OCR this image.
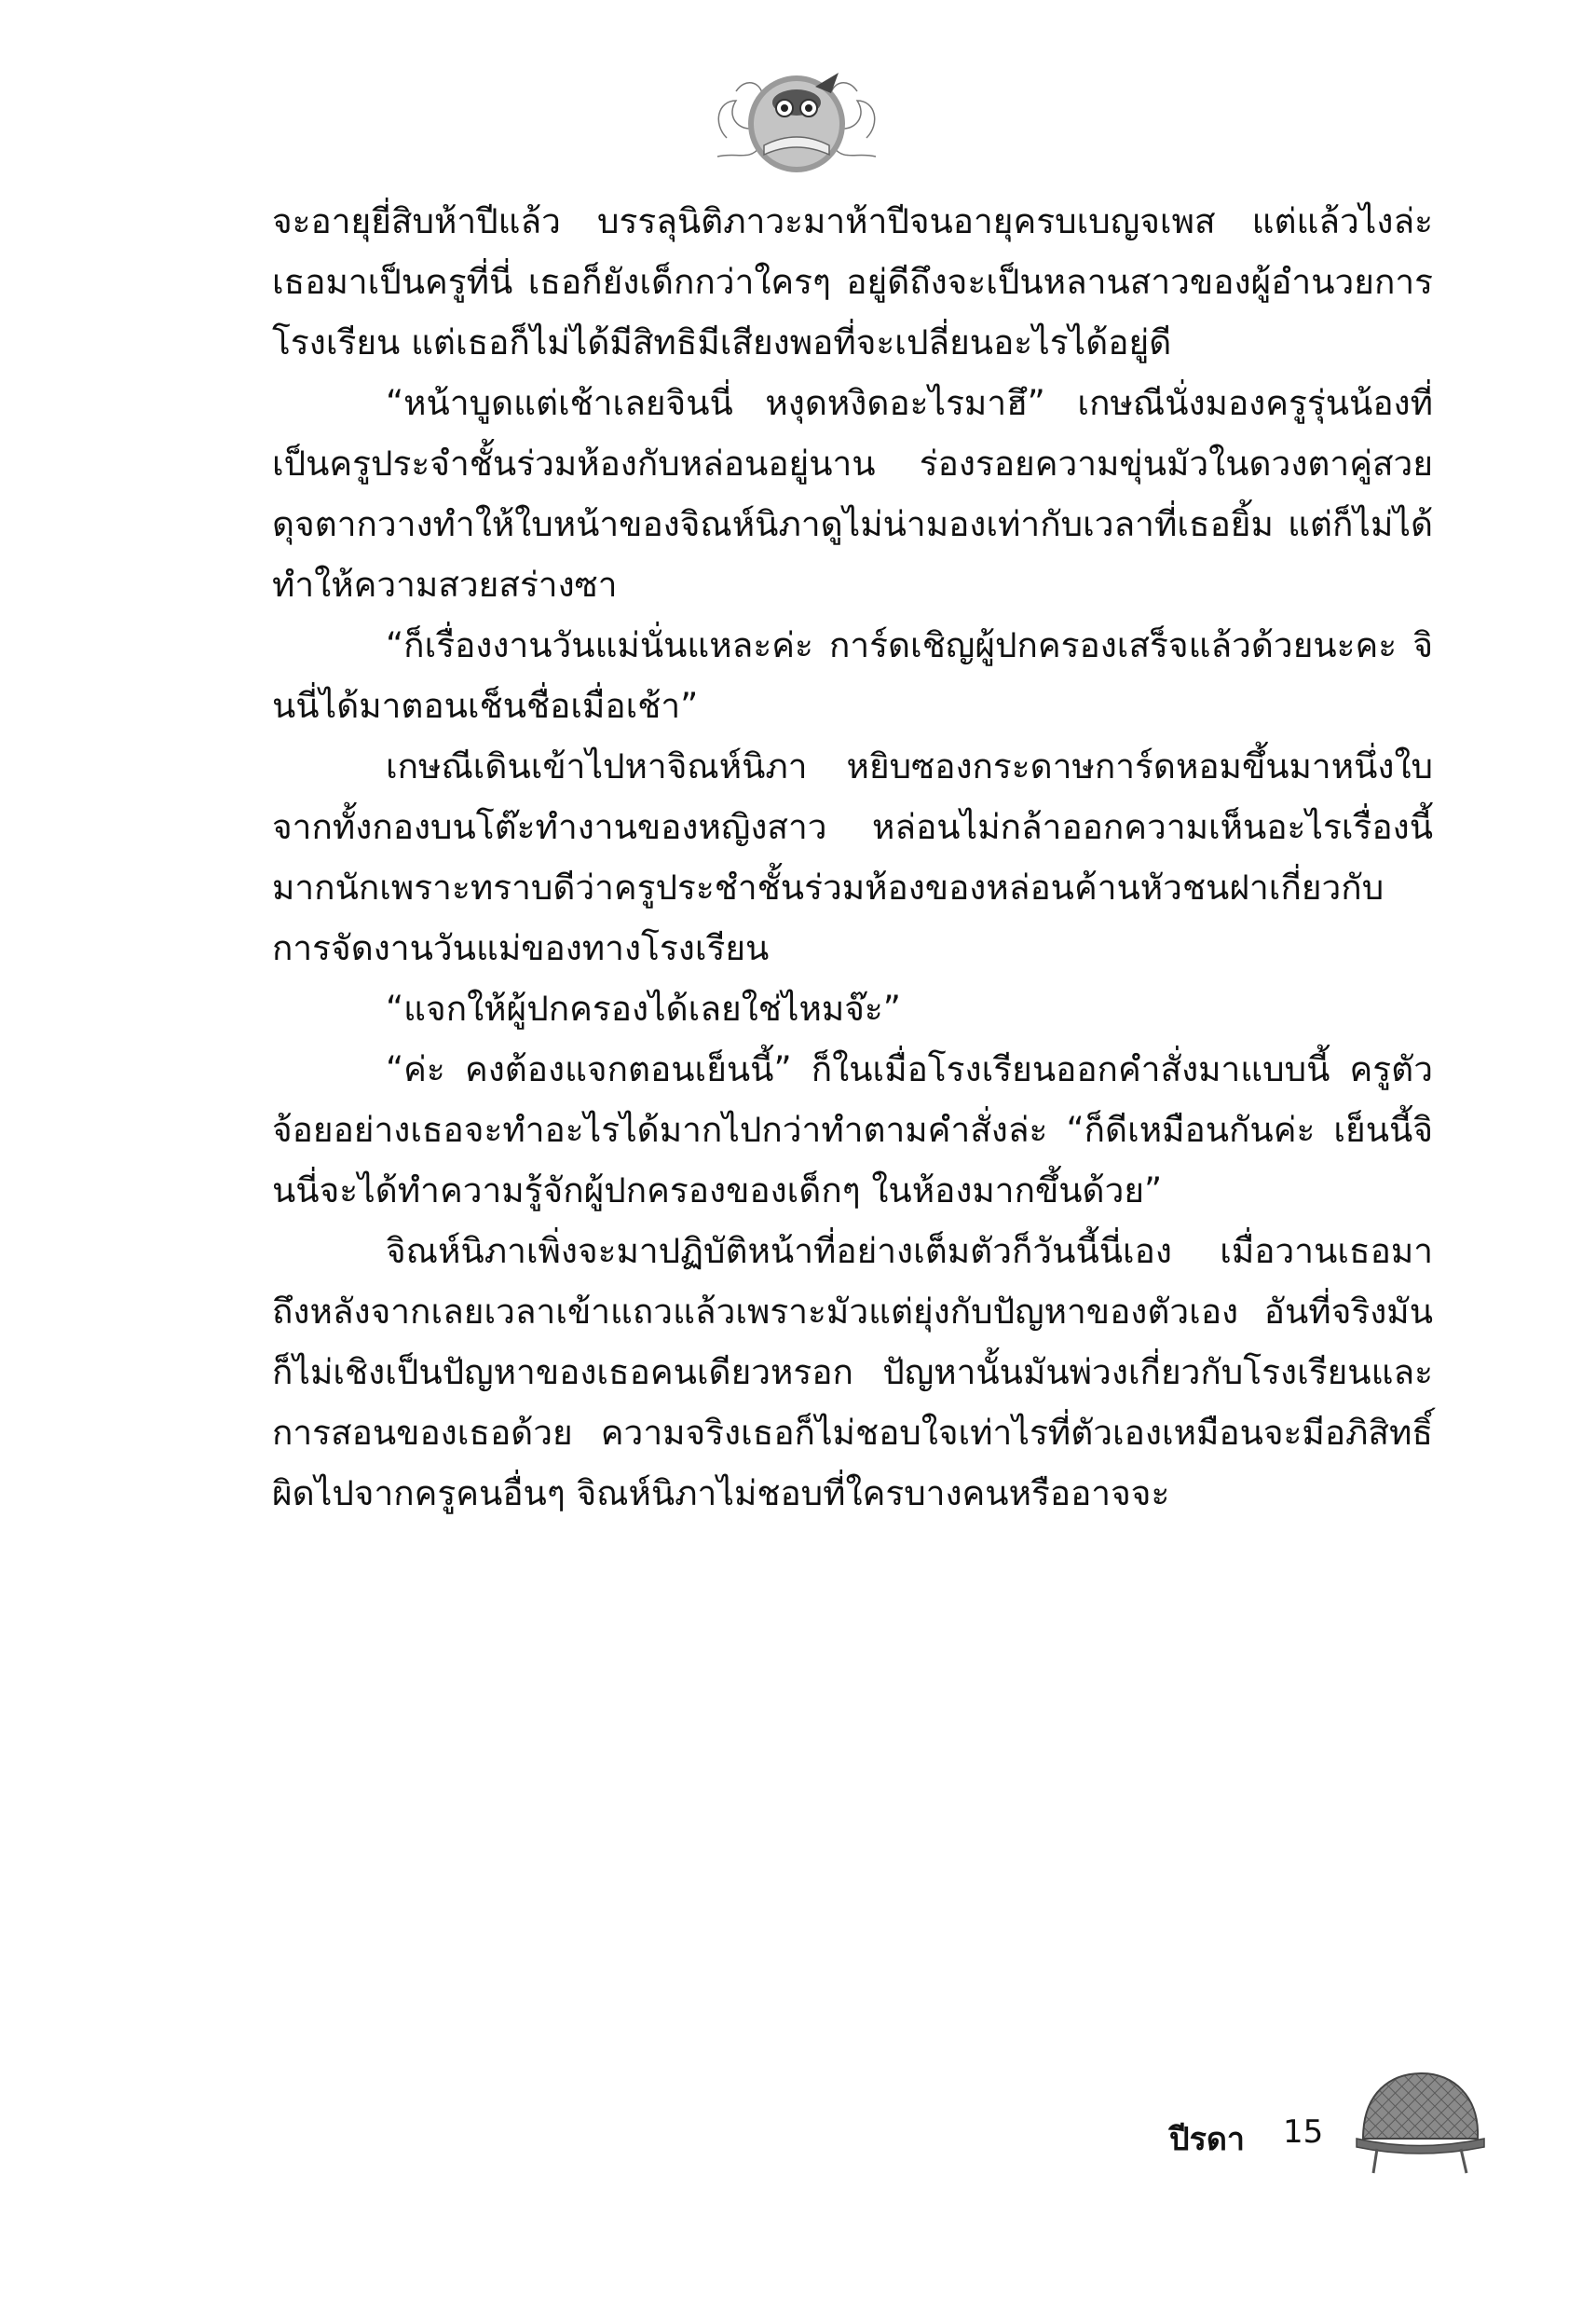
จะอายุยี่สิบห้าปีแล้ว บรรลุนิติภาวะมาห้าปีจนอายุครบเบญจเพส แต่แล้วไงล่ะ เธอมาเป็นครูที่นี่ เธอก็ยังเด็กกว่าใครๆ อยู่ดีถึงจะเป็นหลานสาวของผู้อำนวยการโรงเรียน แต่เธอก็ไม่ได้มีสิทธิมีเสียงพอที่จะเปลี่ยนอะไรได้อยู่ดี

“หน้าบูดแต่เช้าเลยจินนี่ หงุดหงิดอะไรมาฮึ” เกษณีนั่งมองครูรุ่นน้องที่เป็นครูประจำชั้นร่วมห้องกับหล่อนอยู่นาน ร่องรอยความขุ่นมัวในดวงตาคู่สวยดุจตากวางทำให้ใบหน้าของจิณห์นิภาดูไม่น่ามองเท่ากับเวลาที่เธอยิ้ม แต่ก็ไม่ได้ทำให้ความสวยสร่างซา

“ก็เรื่องงานวันแม่นั่นแหละค่ะ การ์ดเชิญผู้ปกครองเสร็จแล้วด้วยนะคะ จินนี่ได้มาตอนเช็นชื่อเมื่อเช้า”

เกษณีเดินเข้าไปหาจิณห์นิภา หยิบซองกระดาษการ์ดหอมขึ้นมาหนึ่งใบจากทั้งกองบนโต๊ะทำงานของหญิงสาว หล่อนไม่กล้าออกความเห็นอะไรเรื่องนี้มากนักเพราะทราบดีว่าครูประชำชั้นร่วมห้องของหล่อนค้านหัวชนฝาเกี่ยวกับการจัดงานวันแม่ของทางโรงเรียน

“แจกให้ผู้ปกครองได้เลยใช่ไหมจ๊ะ”

“ค่ะ คงต้องแจกตอนเย็นนี้” ก็ในเมื่อโรงเรียนออกคำสั่งมาแบบนี้ ครูตัวจ้อยอย่างเธอจะทำอะไรได้มากไปกว่าทำตามคำสั่งล่ะ “ก็ดีเหมือนกันค่ะ เย็นนี้จินนี่จะได้ทำความรู้จักผู้ปกครองของเด็กๆ ในห้องมากขึ้นด้วย”

จิณห์นิภาเพิ่งจะมาปฏิบัติหน้าที่อย่างเต็มตัวก็วันนี้นี่เอง เมื่อวานเธอมาถึงหลังจากเลยเวลาเข้าแถวแล้วเพราะมัวแต่ยุ่งกับปัญหาของตัวเอง อันที่จริงมันก็ไม่เชิงเป็นปัญหาของเธอคนเดียวหรอก ปัญหานั้นมันพ่วงเกี่ยวกับโรงเรียนและการสอนของเธอด้วย ความจริงเธอก็ไม่ชอบใจเท่าไรที่ตัวเองเหมือนจะมีอภิสิทธิ์ผิดไปจากครูคนอื่นๆ จิณห์นิภาไม่ชอบที่ใครบางคนหรืออาจจะ

ปีรดา 15
